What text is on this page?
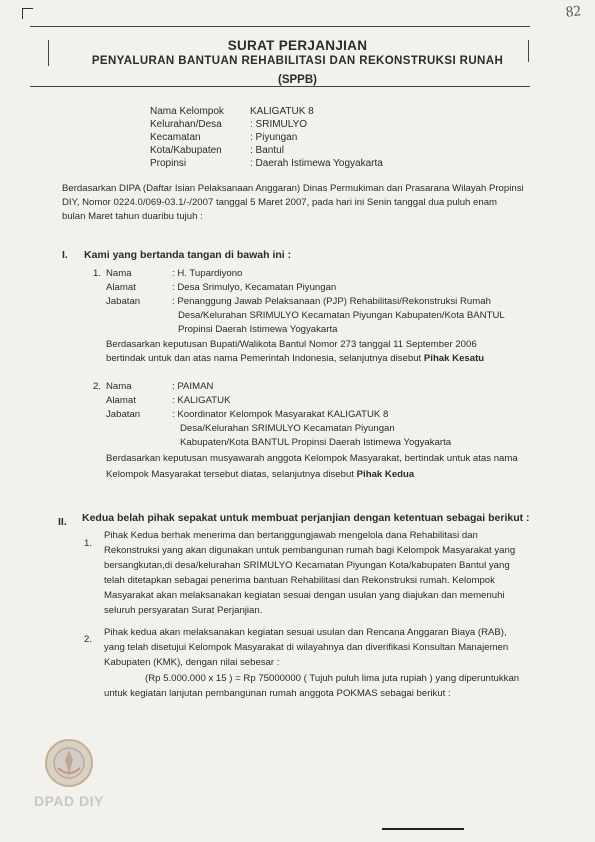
82
SURAT PERJANJIAN
PENYALURAN BANTUAN REHABILITASI DAN REKONSTRUKSI RUNAH
(SPPB)
Nama Kelompok	KALIGATUK 8
Kelurahan/Desa	: SRIMULYO
Kecamatan	: Piyungan
Kota/Kabupaten	: Bantul
Propinsi	: Daerah Istimewa Yogyakarta
Berdasarkan DIPA (Daftar Isian Pelaksanaan Anggaran) Dinas Permukiman dan Prasarana Wilayah Propinsi
DIY, Nomor 0224.0/069-03.1/-/2007 tanggal 5 Maret 2007, pada hari ini Senin tanggal dua puluh enam
bulan Maret tahun duaribu tujuh :
I. Kami yang bertanda tangan di bawah ini :
1. Nama	: H. Tupardiyono
Alamat	: Desa Srimulyo, Kecamatan Piyungan
Jabatan	: Penanggung Jawab Pelaksanaan (PJP) Rehabilitasi/Rekonstruksi Rumah
Desa/Kelurahan SRIMULYO Kecamatan Piyungan Kabupaten/Kota BANTUL
Propinsi Daerah Istimewa Yogyakarta
Berdasarkan keputusan Bupati/Walikota Bantul Nomor 273 tanggal 11 September 2006
bertindak untuk dan atas nama Pemerintah Indonesia, selanjutnya disebut Pihak Kesatu
2. Nama	: PAIMAN
Alamat	: KALIGATUK
Jabatan	: Koordinator Kelompok Masyarakat KALIGATUK 8
Desa/Kelurahan SRIMULYO Kecamatan Piyungan
Kabupaten/Kota BANTUL Propinsi Daerah Istimewa Yogyakarta
Berdasarkan keputusan musyawarah anggota Kelompok Masyarakat, bertindak untuk atas nama
Kelompok Masyarakat tersebut diatas, selanjutnya disebut Pihak Kedua
II. Kedua belah pihak sepakat untuk membuat perjanjian dengan ketentuan sebagai berikut :
1.
Pihak Kedua berhak menerima dan bertanggungjawab mengelola dana Rehabilitasi dan
Rekonstruksi yang akan digunakan untuk pembangunan rumah bagi Kelompok Masyarakat yang
bersangkutan,di desa/kelurahan SRIMULYO Kecamatan Piyungan Kota/kabupaten Bantul yang
telah ditetapkan sebagai penerima bantuan Rehabilitasi dan Rekonstruksi rumah. Kelompok
Masyarakat akan melaksanakan kegiatan sesuai dengan usulan yang diajukan dan memenuhi
seluruh persyaratan Surat Perjanjian.
2.
Pihak kedua akan melaksanakan kegiatan sesuai usulan dan Rencana Anggaran Biaya (RAB),
yang telah disetujui Kelompok Masyarakat di wilayahnya dan diverifikasi Konsultan Manajemen
Kabupaten (KMK), dengan nilai sebesar :
(Rp 5.000.000 x 15 ) = Rp 75000000 ( Tujuh puluh lima juta rupiah ) yang diperuntukkan
untuk kegiatan lanjutan pembangunan rumah anggota POKMAS sebagai berikut :
DPAD DIY
